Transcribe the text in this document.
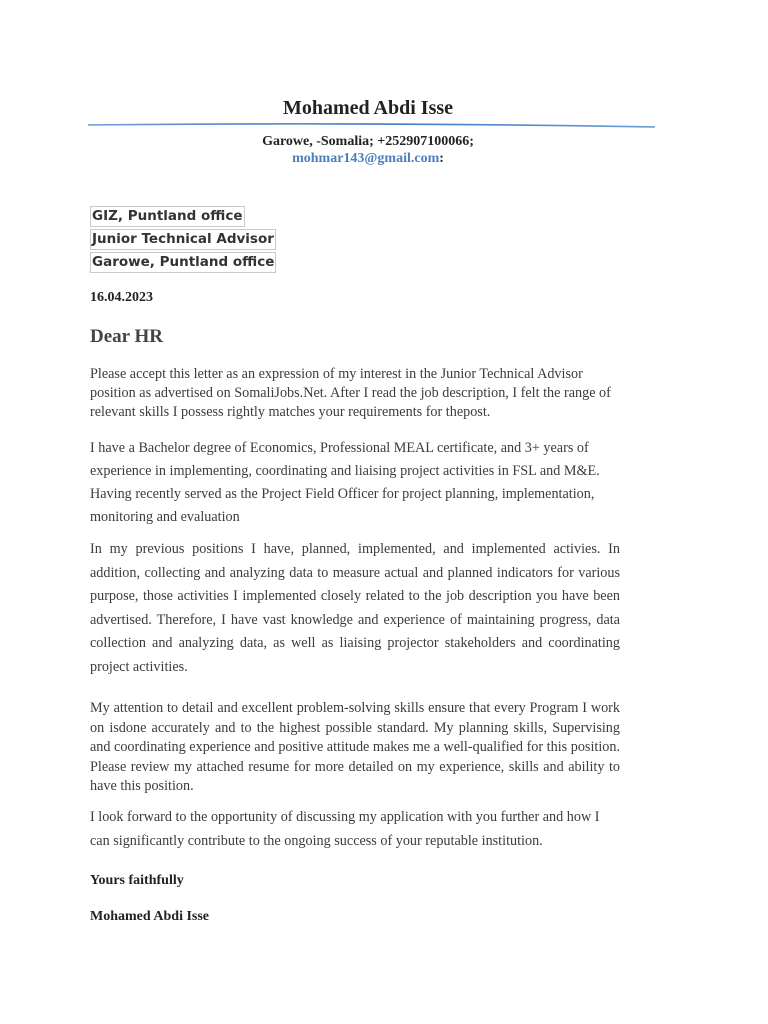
Mohamed Abdi Isse
Garowe, -Somalia; +252907100066;
mohmar143@gmail.com:
GIZ, Puntland office
Junior Technical Advisor
Garowe, Puntland office
16.04.2023
Dear HR

Please accept this letter as an expression of my interest in the Junior Technical Advisor position as advertised on SomaliJobs.Net. After I read the job description, I felt the range of relevant skills I possess rightly matches your requirements for thepost.

I have a Bachelor degree of Economics, Professional MEAL certificate, and 3+ years of experience in implementing, coordinating and liaising project activities in FSL and M&E. Having recently served as the Project Field Officer for project planning, implementation, monitoring and evaluation

In my previous positions I have, planned, implemented, and implemented activies. In addition, collecting and analyzing data to measure actual and planned indicators for various purpose, those activities I implemented closely related to the job description you have been advertised. Therefore, I have vast knowledge and experience of maintaining progress, data collection and analyzing data, as well as liaising projector stakeholders and coordinating project activities.

My attention to detail and excellent problem-solving skills ensure that every Program I work on isdone accurately and to the highest possible standard. My planning skills, Supervising and coordinating experience and positive attitude makes me a well-qualified for this position. Please review my attached resume for more detailed on my experience, skills and ability to have this position.

I look forward to the opportunity of discussing my application with you further and how I can significantly contribute to the ongoing success of your reputable institution.

Yours faithfully
Mohamed Abdi Isse
